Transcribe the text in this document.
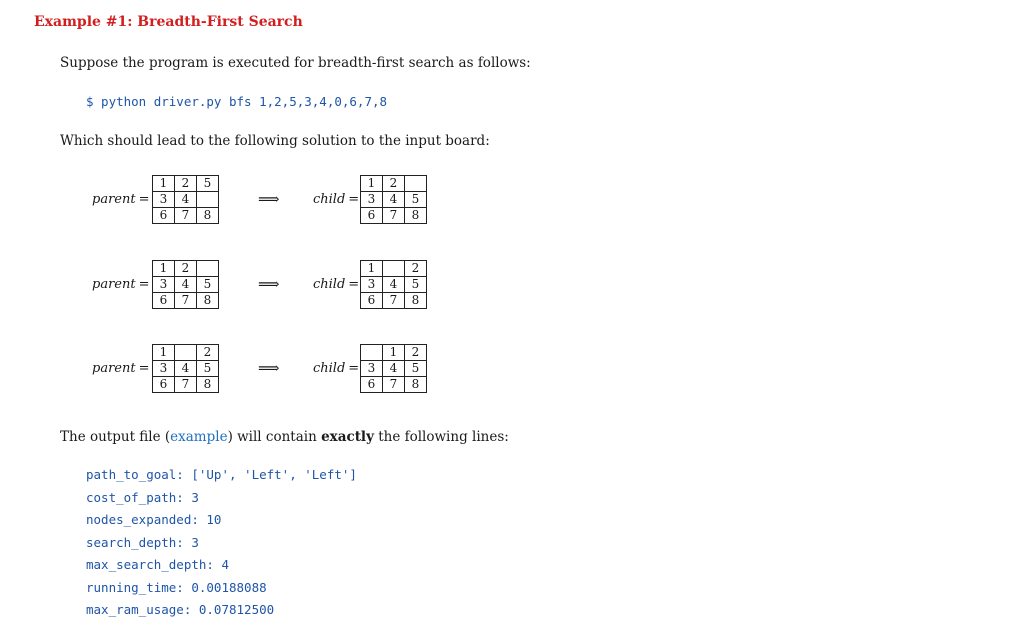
Example #1: Breadth-First Search
Suppose the program is executed for breadth-first search as follows:
$ python driver.py bfs 1,2,5,3,4,0,6,7,8
Which should lead to the following solution to the input board:
parent =
1	2	5
3	4	
6	7	8
⟹	child =
1	2	
3	4	5
6	7	8
parent =
1	2	
3	4	5
6	7	8
⟹	child =
1		2
3	4	5
6	7	8
parent =
1		2
3	4	5
6	7	8
⟹	child =
	1	2
3	4	5
6	7	8
The output file (example) will contain exactly the following lines:
path_to_goal: ['Up', 'Left', 'Left']
cost_of_path: 3
nodes_expanded: 10
search_depth: 3
max_search_depth: 4
running_time: 0.00188088
max_ram_usage: 0.07812500
